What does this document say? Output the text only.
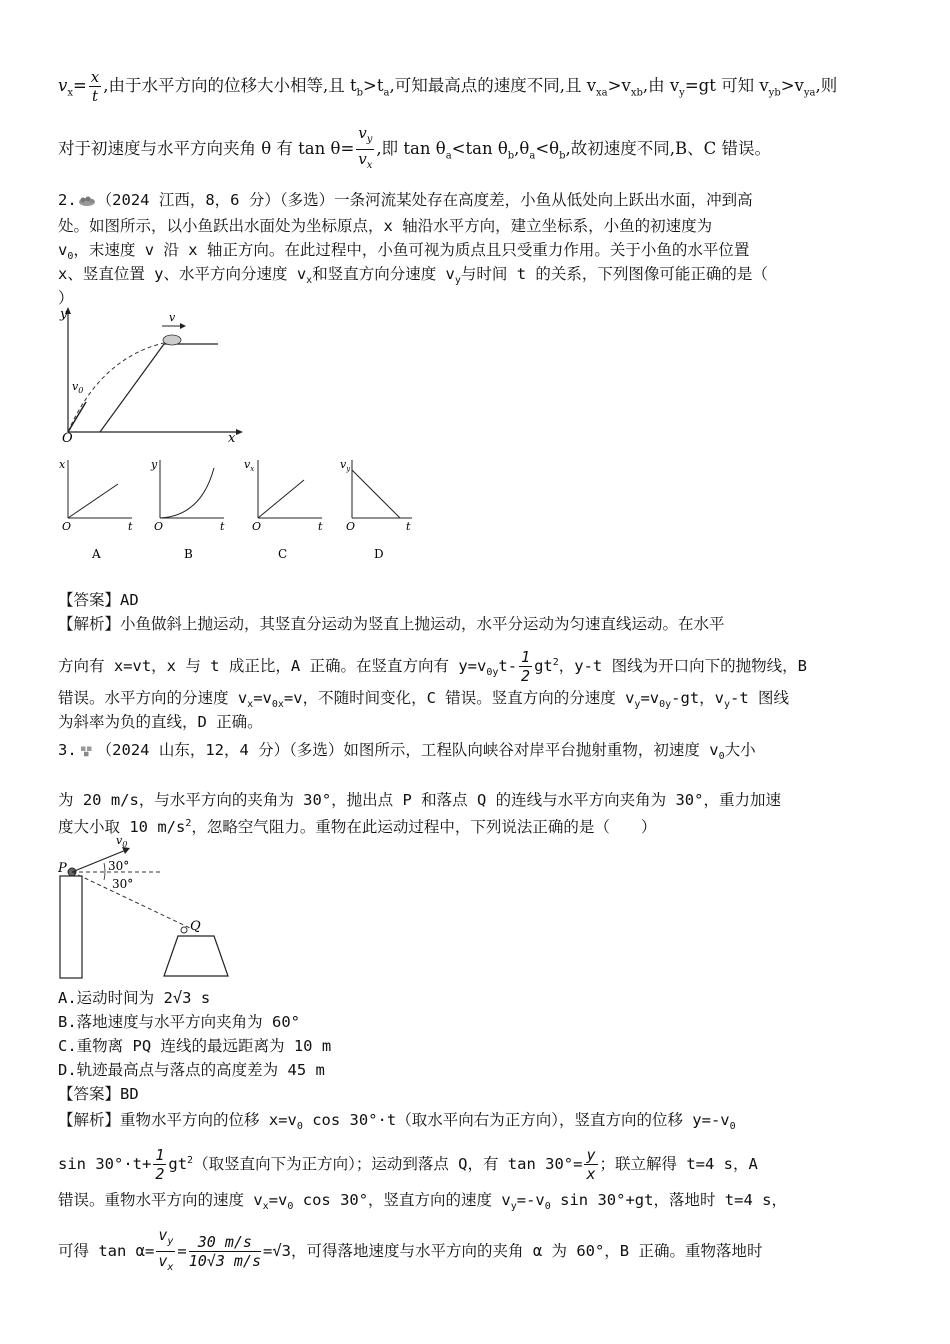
$v_x= \frac{x}{t}$ ,由于水平方向的位移大小相等,且 $t_b>t_a$,可知最高点的速度不同,且 $v_{xa}>v_{xb}$,由 $v_y=gt$ 可知 $v_{yb}>v_{ya}$,则
对于初速度与水平方向夹角 θ 有 $\tan \theta= \frac{v_y}{v_x}$ ,即 $\tan \theta_a<\tan$ $\theta_b,\theta_a<\theta_b$,故初速度不同,B、C 错误。
2. （2024 江西，8，6 分）（多选）一条河流某处存在高度差，小鱼从低处向上跃出水面，冲到高
处。如图所示，以小鱼跃出水面处为坐标原点，x 轴沿水平方向，建立坐标系，小鱼的初速度为
$v_0$，末速度 v 沿 x 轴正方向。在此过程中，小鱼可视为质点且只受重力作用。关于小鱼的水平位置
x、竖直位置 y、水平方向分速度 $v_x$和竖直方向分速度 $v_y$与时间 t 的关系，下列图像可能正确的是（
）
y
x
O
$v_0$
v
x
O	t
A
y
O	t
B
$v_x$
O	t
C
$v_y$
O	t
D
【答案】AD
【解析】小鱼做斜上抛运动，其竖直分运动为竖直上抛运动，水平分运动为匀速直线运动。在水平
方向有 x=vt，x 与 t 成正比，A 正确。在竖直方向有 $y=v_{0y}t- \frac{1}{2} gt^2$，y-t 图线为开口向下的抛物线，B
错误。水平方向的分速度 $v_x=v_{0x}=v$，不随时间变化，C 错误。竖直方向的分速度 $v_y=v_{0y}-gt$，$v_y-t$ 图线
为斜率为负的直线，D 正确。
3. （2024 山东，12，4 分）（多选）如图所示，工程队向峡谷对岸平台抛射重物，初速度 $v_0$大小
为 20 m/s，与水平方向的夹角为 30°，抛出点 P 和落点 Q 的连线与水平方向夹角为 30°，重力加速
度大小取 10 $m/s^2$，忽略空气阻力。重物在此运动过程中，下列说法正确的是（　　）
$v_0$
P	30°
30°
Q
A.运动时间为 2√3 s
B.落地速度与水平方向夹角为 60°
C.重物离 PQ 连线的最远距离为 10 m
D.轨迹最高点与落点的高度差为 45 m
【答案】BD
【解析】重物水平方向的位移 $x=v_0$ cos 30°·t（取水平向右为正方向），竖直方向的位移 $y=-v_0$
$\sin 30^\circ\cdot t+ \frac{1}{2} gt^2$（取竖直向下为正方向）；运动到落点 Q，有 $\tan 30^\circ= \frac{y}{x}$ ；联立解得 t=4 s，A
错误。重物水平方向的速度 $v_x=v_0$ cos 30°，竖直方向的速度 $v_y=-v_0$ sin 30°+gt，落地时 t=4 s，
可得 $\tan \alpha= \frac{v_y}{v_x} = \frac{30 m/s}{10√3 m/s} =√3$，可得落地速度与水平方向的夹角 α 为 60°，B 正确。重物落地时
